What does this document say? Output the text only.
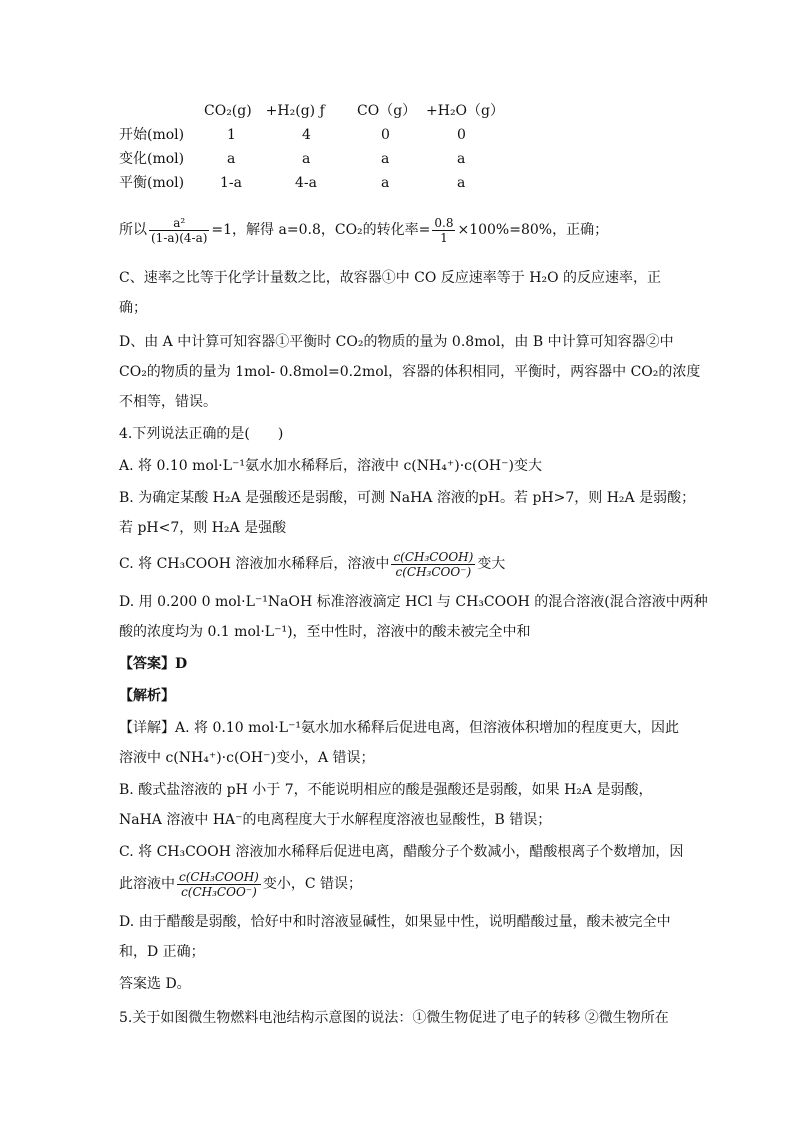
CO₂(g)　+H₂(g) ƒ CO（g） +H₂O（g）
开始(mol)	1	4	0	0
变化(mol)	a	a	a	a
平衡(mol)	1-a	4-a	a	a
所以 $\frac{\text{a²}}{(1-a)(4-a)} =1$，解得 a=0.8，CO₂的转化率= $\frac{0.8}{1} \times 100\%=80\%$，正确；
C、速率之比等于化学计量数之比，故容器①中 CO 反应速率等于 H₂O 的反应速率，正
确；
D、由 A 中计算可知容器①平衡时 CO₂的物质的量为 0.8mol，由 B 中计算可知容器②中
CO₂的物质的量为 1mol- 0.8mol=0.2mol，容器的体积相同，平衡时，两容器中 CO₂的浓度
不相等，错误。
4.下列说法正确的是(　　)
A. 将 0.10 mol·L⁻¹氨水加水稀释后，溶液中 c(NH₄⁺)·c(OH⁻)变大
B. 为确定某酸 H₂A 是强酸还是弱酸，可测 NaHA 溶液的pH。若 pH>7，则 H₂A 是弱酸；
若 pH<7，则 H₂A 是强酸
C. 将 CH₃COOH 溶液加水稀释后，溶液中 $\frac{\text{c(CH₃COOH)}}{\text{c(CH₃COO⁻)}}$ 变大
D. 用 0.200 0 mol·L⁻¹NaOH 标准溶液滴定 HCl 与 CH₃COOH 的混合溶液(混合溶液中两种
酸的浓度均为 0.1 mol·L⁻¹)，至中性时，溶液中的酸未被完全中和
【答案】D
【解析】
【详解】A. 将 0.10 mol·L⁻¹氨水加水稀释后促进电离，但溶液体积增加的程度更大，因此
溶液中 c(NH₄⁺)·c(OH⁻)变小，A 错误；
B. 酸式盐溶液的 pH 小于 7，不能说明相应的酸是强酸还是弱酸，如果 H₂A 是弱酸，
NaHA 溶液中 HA⁻的电离程度大于水解程度溶液也显酸性，B 错误；
C. 将 CH₃COOH 溶液加水稀释后促进电离，醋酸分子个数减小，醋酸根离子个数增加，因
此溶液中 $\frac{\text{c(CH₃COOH)}}{\text{c(CH₃COO⁻)}}$ 变小，C 错误；
D. 由于醋酸是弱酸，恰好中和时溶液显碱性，如果显中性，说明醋酸过量，酸未被完全中
和，D 正确；
答案选 D。
5.关于如图微生物燃料电池结构示意图的说法：①微生物促进了电子的转移 ②微生物所在
